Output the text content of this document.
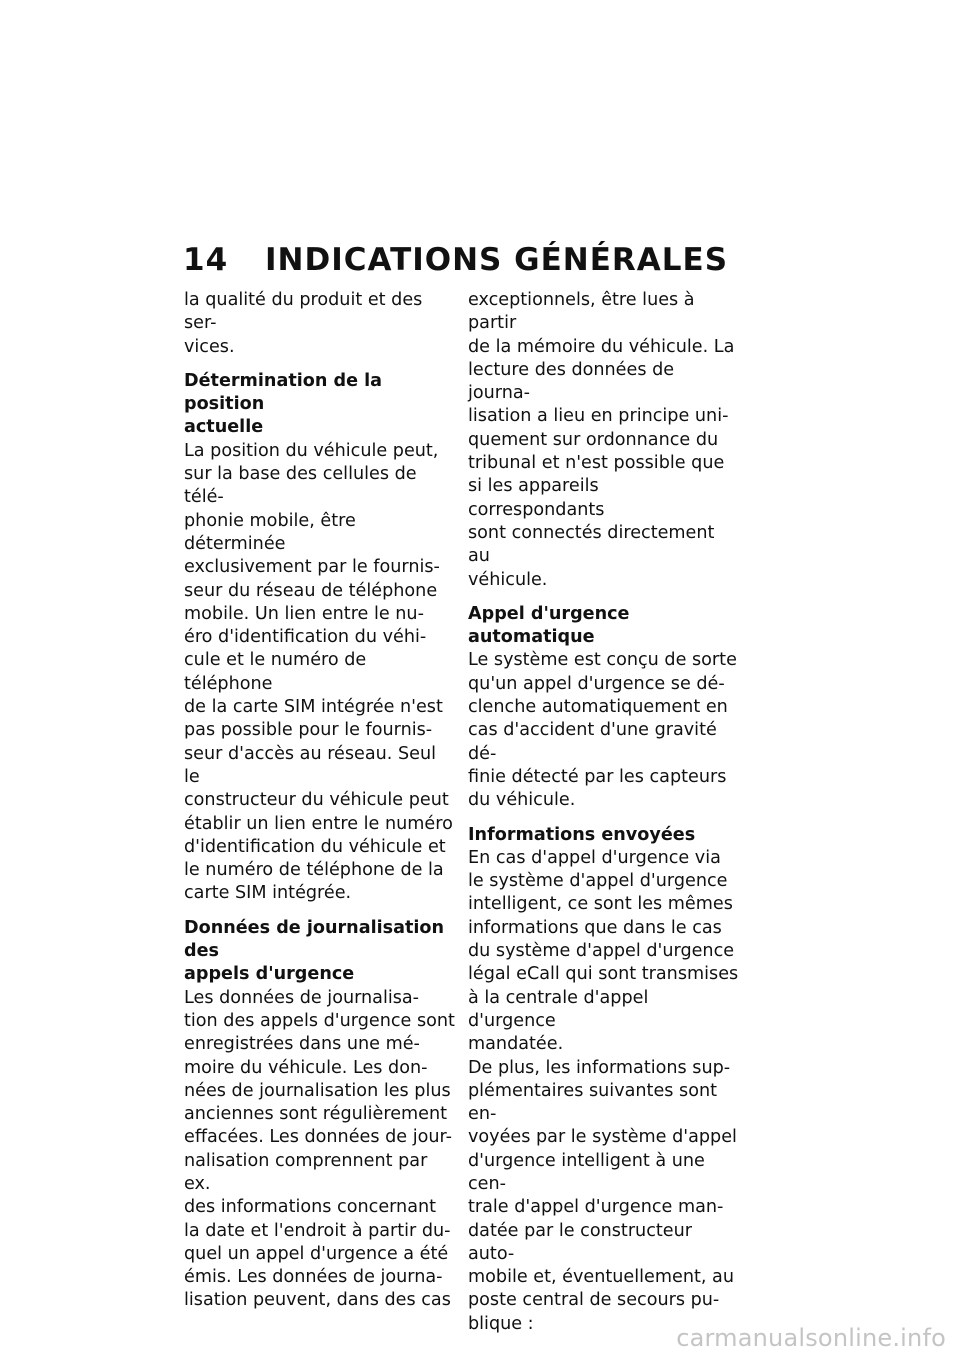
14	INDICATIONS GÉNÉRALES

la qualité du produit et des ser-
vices.

Détermination de la position
actuelle

La position du véhicule peut,
sur la base des cellules de télé-
phonie mobile, être déterminée
exclusivement par le fournis-
seur du réseau de téléphone
mobile. Un lien entre le nu-
éro d'identification du véhi-
cule et le numéro de téléphone
de la carte SIM intégrée n'est
pas possible pour le fournis-
seur d'accès au réseau. Seul le
constructeur du véhicule peut
établir un lien entre le numéro
d'identification du véhicule et
le numéro de téléphone de la
carte SIM intégrée.

Données de journalisation des
appels d'urgence

Les données de journalisa-
tion des appels d'urgence sont
enregistrées dans une mé-
moire du véhicule. Les don-
nées de journalisation les plus
anciennes sont régulièrement
effacées. Les données de jour-
nalisation comprennent par ex.
des informations concernant
la date et l'endroit à partir du-
quel un appel d'urgence a été
émis. Les données de journa-
lisation peuvent, dans des cas

exceptionnels, être lues à partir
de la mémoire du véhicule. La
lecture des données de journa-
lisation a lieu en principe uni-
quement sur ordonnance du
tribunal et n'est possible que
si les appareils correspondants
sont connectés directement au
véhicule.

Appel d'urgence automatique

Le système est conçu de sorte
qu'un appel d'urgence se dé-
clenche automatiquement en
cas d'accident d'une gravité dé-
finie détecté par les capteurs
du véhicule.

Informations envoyées

En cas d'appel d'urgence via
le système d'appel d'urgence
intelligent, ce sont les mêmes
informations que dans le cas
du système d'appel d'urgence
légal eCall qui sont transmises
à la centrale d'appel d'urgence
mandatée.

De plus, les informations sup-
plémentaires suivantes sont en-
voyées par le système d'appel
d'urgence intelligent à une cen-
trale d'appel d'urgence man-
datée par le constructeur auto-
mobile et, éventuellement, au
poste central de secours pu-
blique :

carmanualsonline.info
